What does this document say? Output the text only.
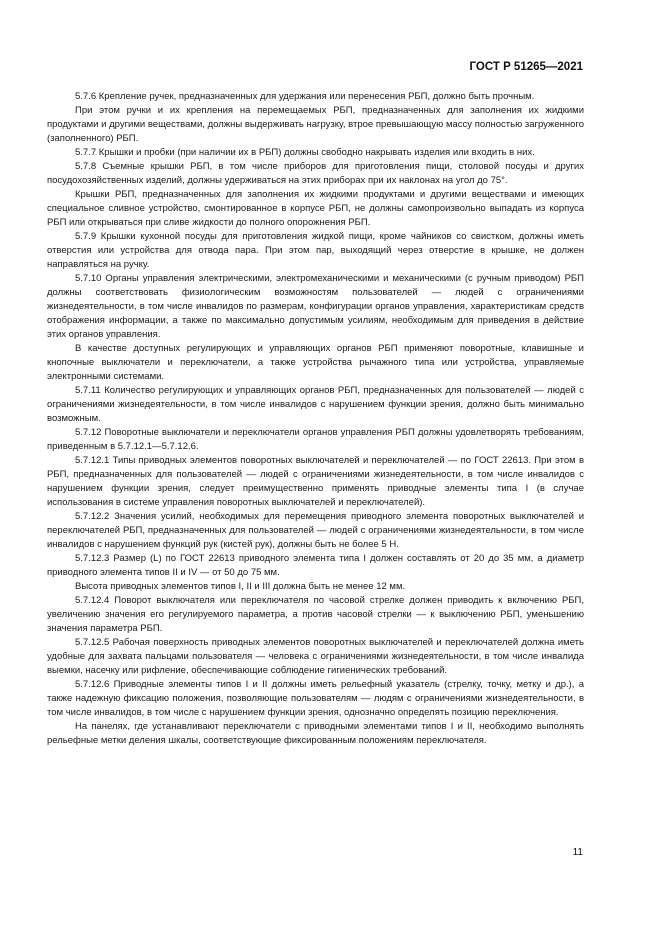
ГОСТ Р 51265—2021

5.7.6 Крепление ручек, предназначенных для удержания или перенесения РБП, должно быть прочным.

При этом ручки и их крепления на перемещаемых РБП, предназначенных для заполнения их жидкими продуктами и другими веществами, должны выдерживать нагрузку, втрое превышающую массу полностью загруженного (заполненного) РБП.

5.7.7 Крышки и пробки (при наличии их в РБП) должны свободно накрывать изделия или входить в них.

5.7.8 Съемные крышки РБП, в том числе приборов для приготовления пищи, столовой посуды и других посудохозяйственных изделий, должны удерживаться на этих приборах при их наклонах на угол до 75°.

Крышки РБП, предназначенных для заполнения их жидкими продуктами и другими веществами и имеющих специальное сливное устройство, смонтированное в корпусе РБП, не должны самопроизвольно выпадать из корпуса РБП или открываться при сливе жидкости до полного опорожнения РБП.

5.7.9 Крышки кухонной посуды для приготовления жидкой пищи, кроме чайников со свистком, должны иметь отверстия или устройства для отвода пара. При этом пар, выходящий через отверстие в крышке, не должен направляться на ручку.

5.7.10 Органы управления электрическими, электромеханическими и механическими (с ручным приводом) РБП должны соответствовать физиологическим возможностям пользователей — людей с ограничениями жизнедеятельности, в том числе инвалидов по размерам, конфигурации органов управления, характеристикам средств отображения информации, а также по максимально допустимым усилиям, необходимым для приведения в действие этих органов управления.

В качестве доступных регулирующих и управляющих органов РБП применяют поворотные, клавишные и кнопочные выключатели и переключатели, а также устройства рычажного типа или устройства, управляемые электронными системами.

5.7.11 Количество регулирующих и управляющих органов РБП, предназначенных для пользователей — людей с ограничениями жизнедеятельности, в том числе инвалидов с нарушением функции зрения, должно быть минимально возможным.

5.7.12 Поворотные выключатели и переключатели органов управления РБП должны удовлетворять требованиям, приведенным в 5.7.12.1—5.7.12.6.

5.7.12.1 Типы приводных элементов поворотных выключателей и переключателей — по ГОСТ 22613. При этом в РБП, предназначенных для пользователей — людей с ограничениями жизнедеятельности, в том числе инвалидов с нарушением функции зрения, следует преимущественно применять приводные элементы типа I (в случае использования в системе управления поворотных выключателей и переключателей).

5.7.12.2 Значения усилий, необходимых для перемещения приводного элемента поворотных выключателей и переключателей РБП, предназначенных для пользователей — людей с ограничениями жизнедеятельности, в том числе инвалидов с нарушением функций рук (кистей рук), должны быть не более 5 Н.

5.7.12.3 Размер (L) по ГОСТ 22613 приводного элемента типа I должен составлять от 20 до 35 мм, а диаметр приводного элемента типов II и IV — от 50 до 75 мм.

Высота приводных элементов типов I, II и III должна быть не менее 12 мм.

5.7.12.4 Поворот выключателя или переключателя по часовой стрелке должен приводить к включению РБП, увеличению значения его регулируемого параметра, а против часовой стрелки — к выключению РБП, уменьшению значения параметра РБП.

5.7.12.5 Рабочая поверхность приводных элементов поворотных выключателей и переключателей должна иметь удобные для захвата пальцами пользователя — человека с ограничениями жизнедеятельности, в том числе инвалида выемки, насечку или рифление, обеспечивающие соблюдение гигиенических требований.

5.7.12.6 Приводные элементы типов I и II должны иметь рельефный указатель (стрелку, точку, метку и др.), а также надежную фиксацию положения, позволяющие пользователям — людям с ограничениями жизнедеятельности, в том числе инвалидов, в том числе с нарушением функции зрения, однозначно определять позицию переключения.

На панелях, где устанавливают переключатели с приводными элементами типов I и II, необходимо выполнять рельефные метки деления шкалы, соответствующие фиксированным положениям переключателя.

11
